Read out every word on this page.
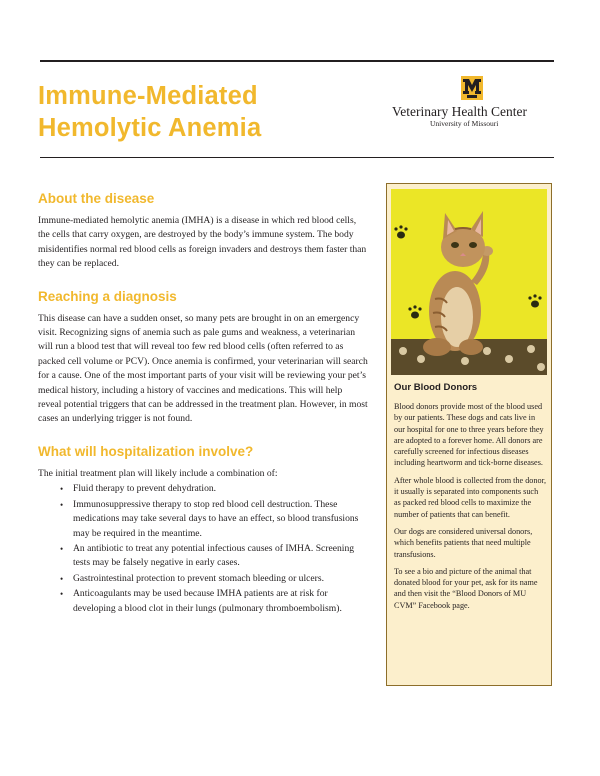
Immune-Mediated Hemolytic Anemia
Veterinary Health Center
University of Missouri
About the disease

Immune-mediated hemolytic anemia (IMHA) is a disease in which red blood cells, the cells that carry oxygen, are destroyed by the body’s immune system. The body misidentifies normal red blood cells as foreign invaders and destroys them faster than they can be replaced.

Reaching a diagnosis

This disease can have a sudden onset, so many pets are brought in on an emergency visit. Recognizing signs of anemia such as pale gums and weakness, a veterinarian will run a blood test that will reveal too few red blood cells (often referred to as packed cell volume or PCV). Once anemia is confirmed, your veterinarian will search for a cause. One of the most important parts of your visit will be reviewing your pet’s medical history, including a history of vaccines and medications. This will help reveal potential triggers that can be addressed in the treatment plan. However, in most cases an underlying trigger is not found.

What will hospitalization involve?

The initial treatment plan will likely include a combination of:

• Fluid therapy to prevent dehydration.
• Immunosuppressive therapy to stop red blood cell destruction. These medications may take several days to have an effect, so blood transfusions may be required in the meantime.
• An antibiotic to treat any potential infectious causes of IMHA. Screening tests may be falsely negative in early cases.
• Gastrointestinal protection to prevent stomach bleeding or ulcers.
• Anticoagulants may be used because IMHA patients are at risk for developing a blood clot in their lungs (pulmonary thromboembolism).
Our Blood Donors

Blood donors provide most of the blood used by our patients. These dogs and cats live in our hospital for one to three years before they are adopted to a forever home. All donors are carefully screened for infectious diseases including heartworm and tick-borne diseases.

After whole blood is collected from the donor, it usually is separated into components such as packed red blood cells to maximize the number of patients that can benefit.

Our dogs are considered universal donors, which benefits patients that need multiple transfusions.

To see a bio and picture of the animal that donated blood for your pet, ask for its name and then visit the “Blood Donors of MU CVM” Facebook page.
